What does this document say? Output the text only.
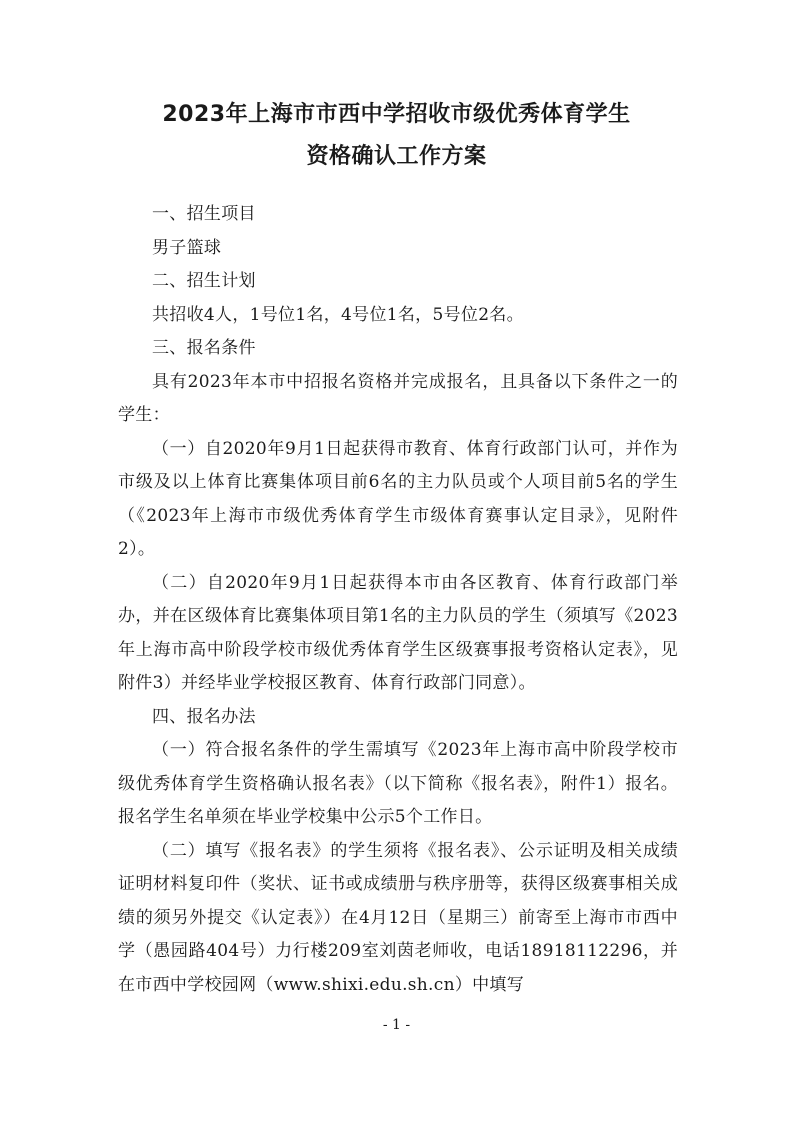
2023年上海市市西中学招收市级优秀体育学生
资格确认工作方案

一、招生项目

男子篮球

二、招生计划

共招收4人，1号位1名，4号位1名，5号位2名。

三、报名条件

具有2023年本市中招报名资格并完成报名，且具备以下条件之一的学生：

（一）自2020年9月1日起获得市教育、体育行政部门认可，并作为市级及以上体育比赛集体项目前6名的主力队员或个人项目前5名的学生（《2023年上海市市级优秀体育学生市级体育赛事认定目录》，见附件2）。

（二）自2020年9月1日起获得本市由各区教育、体育行政部门举办，并在区级体育比赛集体项目第1名的主力队员的学生（须填写《2023年上海市高中阶段学校市级优秀体育学生区级赛事报考资格认定表》，见附件3）并经毕业学校报区教育、体育行政部门同意）。

四、报名办法

（一）符合报名条件的学生需填写《2023年上海市高中阶段学校市级优秀体育学生资格确认报名表》（以下简称《报名表》，附件1）报名。报名学生名单须在毕业学校集中公示5个工作日。

（二）填写《报名表》的学生须将《报名表》、公示证明及相关成绩证明材料复印件（奖状、证书或成绩册与秩序册等，获得区级赛事相关成绩的须另外提交《认定表》）在4月12日（星期三）前寄至上海市市西中学（愚园路404号）力行楼209室刘茵老师收，电话18918112296，并在市西中学校园网（www.shixi.edu.sh.cn）中填写

- 1 -
